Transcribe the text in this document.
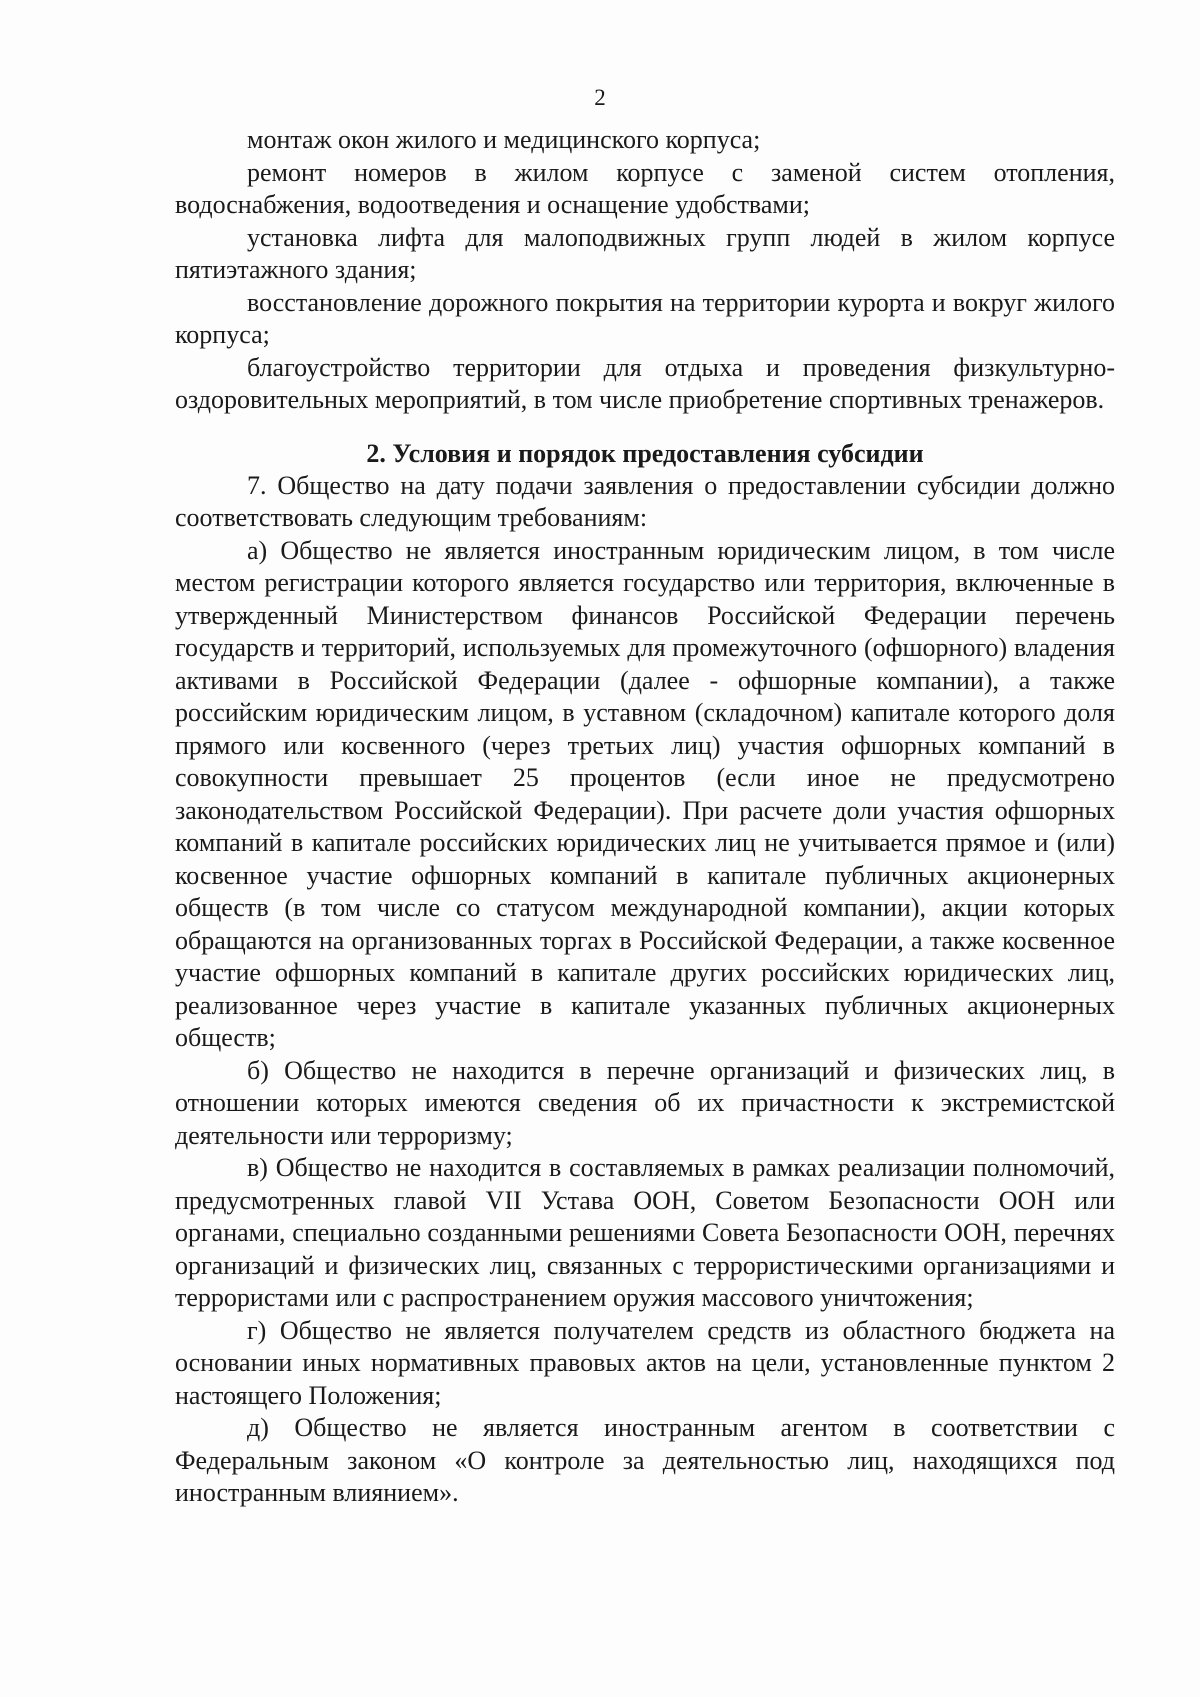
2

монтаж окон жилого и медицинского корпуса;

ремонт номеров в жилом корпусе с заменой систем отопления, водоснабжения, водоотведения и оснащение удобствами;

установка лифта для малоподвижных групп людей в жилом корпусе пятиэтажного здания;

восстановление дорожного покрытия на территории курорта и вокруг жилого корпуса;

благоустройство территории для отдыха и проведения физкультурно-оздоровительных мероприятий, в том числе приобретение спортивных тренажеров.

2. Условия и порядок предоставления субсидии

7. Общество на дату подачи заявления о предоставлении субсидии должно соответствовать следующим требованиям:

а) Общество не является иностранным юридическим лицом, в том числе местом регистрации которого является государство или территория, включенные в утвержденный Министерством финансов Российской Федерации перечень государств и территорий, используемых для промежуточного (офшорного) владения активами в Российской Федерации (далее - офшорные компании), а также российским юридическим лицом, в уставном (складочном) капитале которого доля прямого или косвенного (через третьих лиц) участия офшорных компаний в совокупности превышает 25 процентов (если иное не предусмотрено законодательством Российской Федерации). При расчете доли участия офшорных компаний в капитале российских юридических лиц не учитывается прямое и (или) косвенное участие офшорных компаний в капитале публичных акционерных обществ (в том числе со статусом международной компании), акции которых обращаются на организованных торгах в Российской Федерации, а также косвенное участие офшорных компаний в капитале других российских юридических лиц, реализованное через участие в капитале указанных публичных акционерных обществ;

б) Общество не находится в перечне организаций и физических лиц, в отношении которых имеются сведения об их причастности к экстремистской деятельности или терроризму;

в) Общество не находится в составляемых в рамках реализации полномочий, предусмотренных главой VII Устава ООН, Советом Безопасности ООН или органами, специально созданными решениями Совета Безопасности ООН, перечнях организаций и физических лиц, связанных с террористическими организациями и террористами или с распространением оружия массового уничтожения;

г) Общество не является получателем средств из областного бюджета на основании иных нормативных правовых актов на цели, установленные пунктом 2 настоящего Положения;

д) Общество не является иностранным агентом в соответствии с Федеральным законом «О контроле за деятельностью лиц, находящихся под иностранным влиянием».
